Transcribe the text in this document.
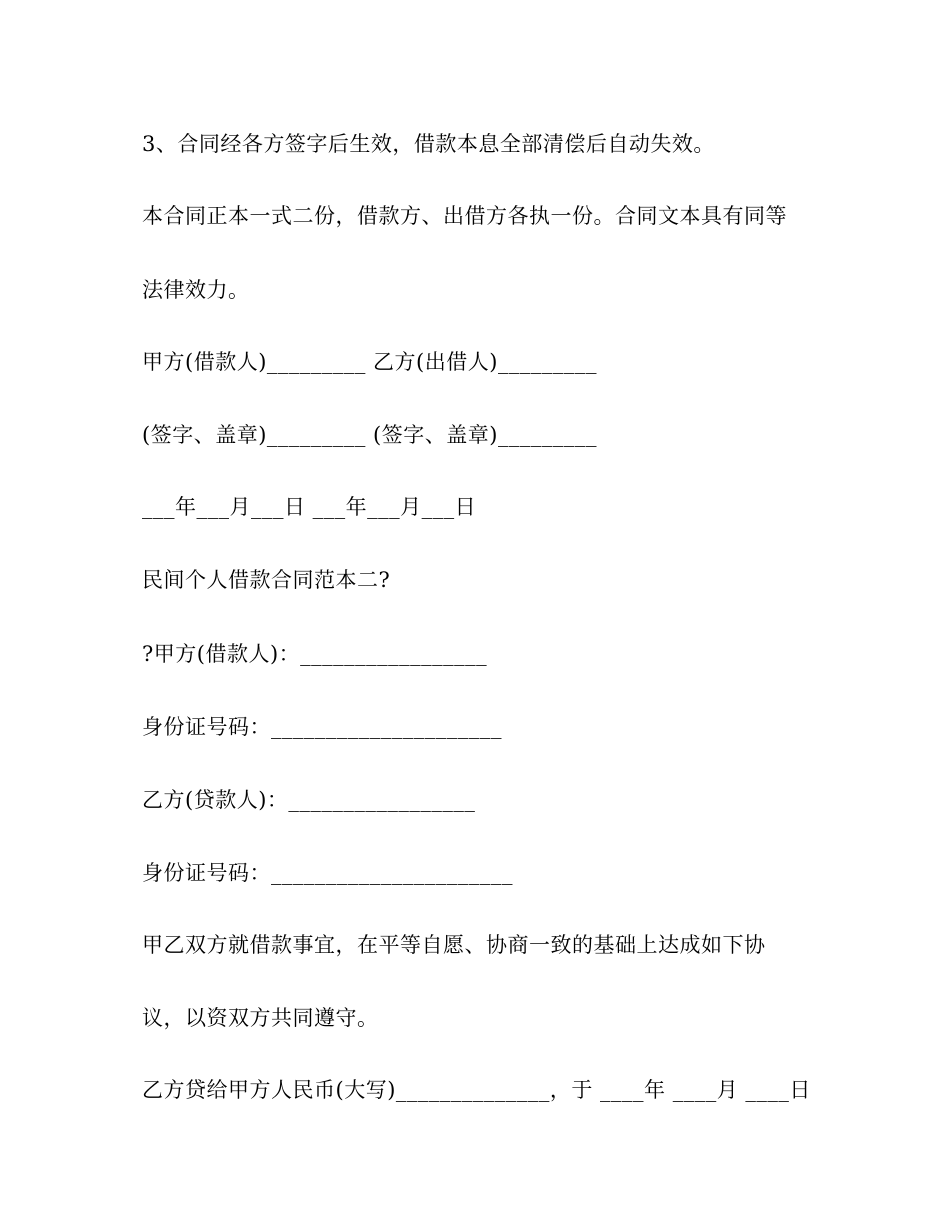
3、合同经各方签字后生效，借款本息全部清偿后自动失效。
本合同正本一式二份，借款方、出借方各执一份。合同文本具有同等
法律效力。
甲方(借款人)_________ 乙方(出借人)_________
(签字、盖章)_________ (签字、盖章)_________
___年___月___日 ___年___月___日
民间个人借款合同范本二?
?甲方(借款人)：_________________
身份证号码：_____________________
乙方(贷款人)：_________________
身份证号码：______________________
甲乙双方就借款事宜，在平等自愿、协商一致的基础上达成如下协
议，以资双方共同遵守。
乙方贷给甲方人民币(大写)______________，于 ____年 ____月 ____日
